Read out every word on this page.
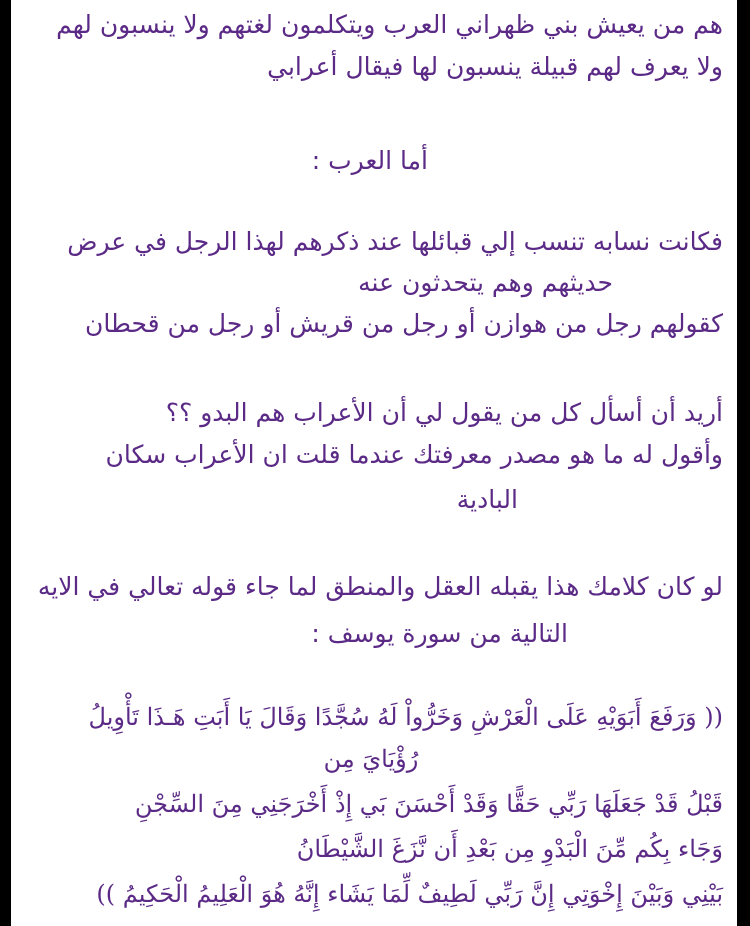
هم من يعيش بني ظهراني العرب ويتكلمون لغتهم ولا ينسبون لهم
ولا يعرف لهم قبيلة ينسبون لها فيقال أعرابي
أما العرب :
فكانت نسابه تنسب إلي قبائلها عند ذكرهم لهذا الرجل في عرض
حديثهم وهم يتحدثون عنه
كقولهم رجل من هوازن أو رجل من قريش أو رجل من قحطان
أريد أن أسأل كل من يقول لي أن الأعراب هم البدو ؟؟
وأقول له ما هو مصدر معرفتك عندما قلت ان الأعراب سكان
البادية
لو كان كلامك هذا يقبله العقل والمنطق لما جاء قوله تعالي في الايه
التالية من سورة يوسف :
(( وَرَفَعَ أَبَوَيْهِ عَلَى الْعَرْشِ وَخَرُّواْ لَهُ سُجَّدًا وَقَالَ يَا أَبَتِ هَـذَا تَأْوِيلُ
رُؤْيَايَ مِن
قَبْلُ قَدْ جَعَلَهَا رَبِّي حَقًّا وَقَدْ أَحْسَنَ بَي إِذْ أَخْرَجَنِي مِنَ السِّجْنِ
وَجَاء بِكُم مِّنَ الْبَدْوِ مِن بَعْدِ أَن نَّزَغَ الشَّيْطَانُ
بَيْنِي وَبَيْنَ إِخْوَتِي إِنَّ رَبِّي لَطِيفٌ لِّمَا يَشَاء إِنَّهُ هُوَ الْعَلِيمُ الْحَكِيمُ ))
